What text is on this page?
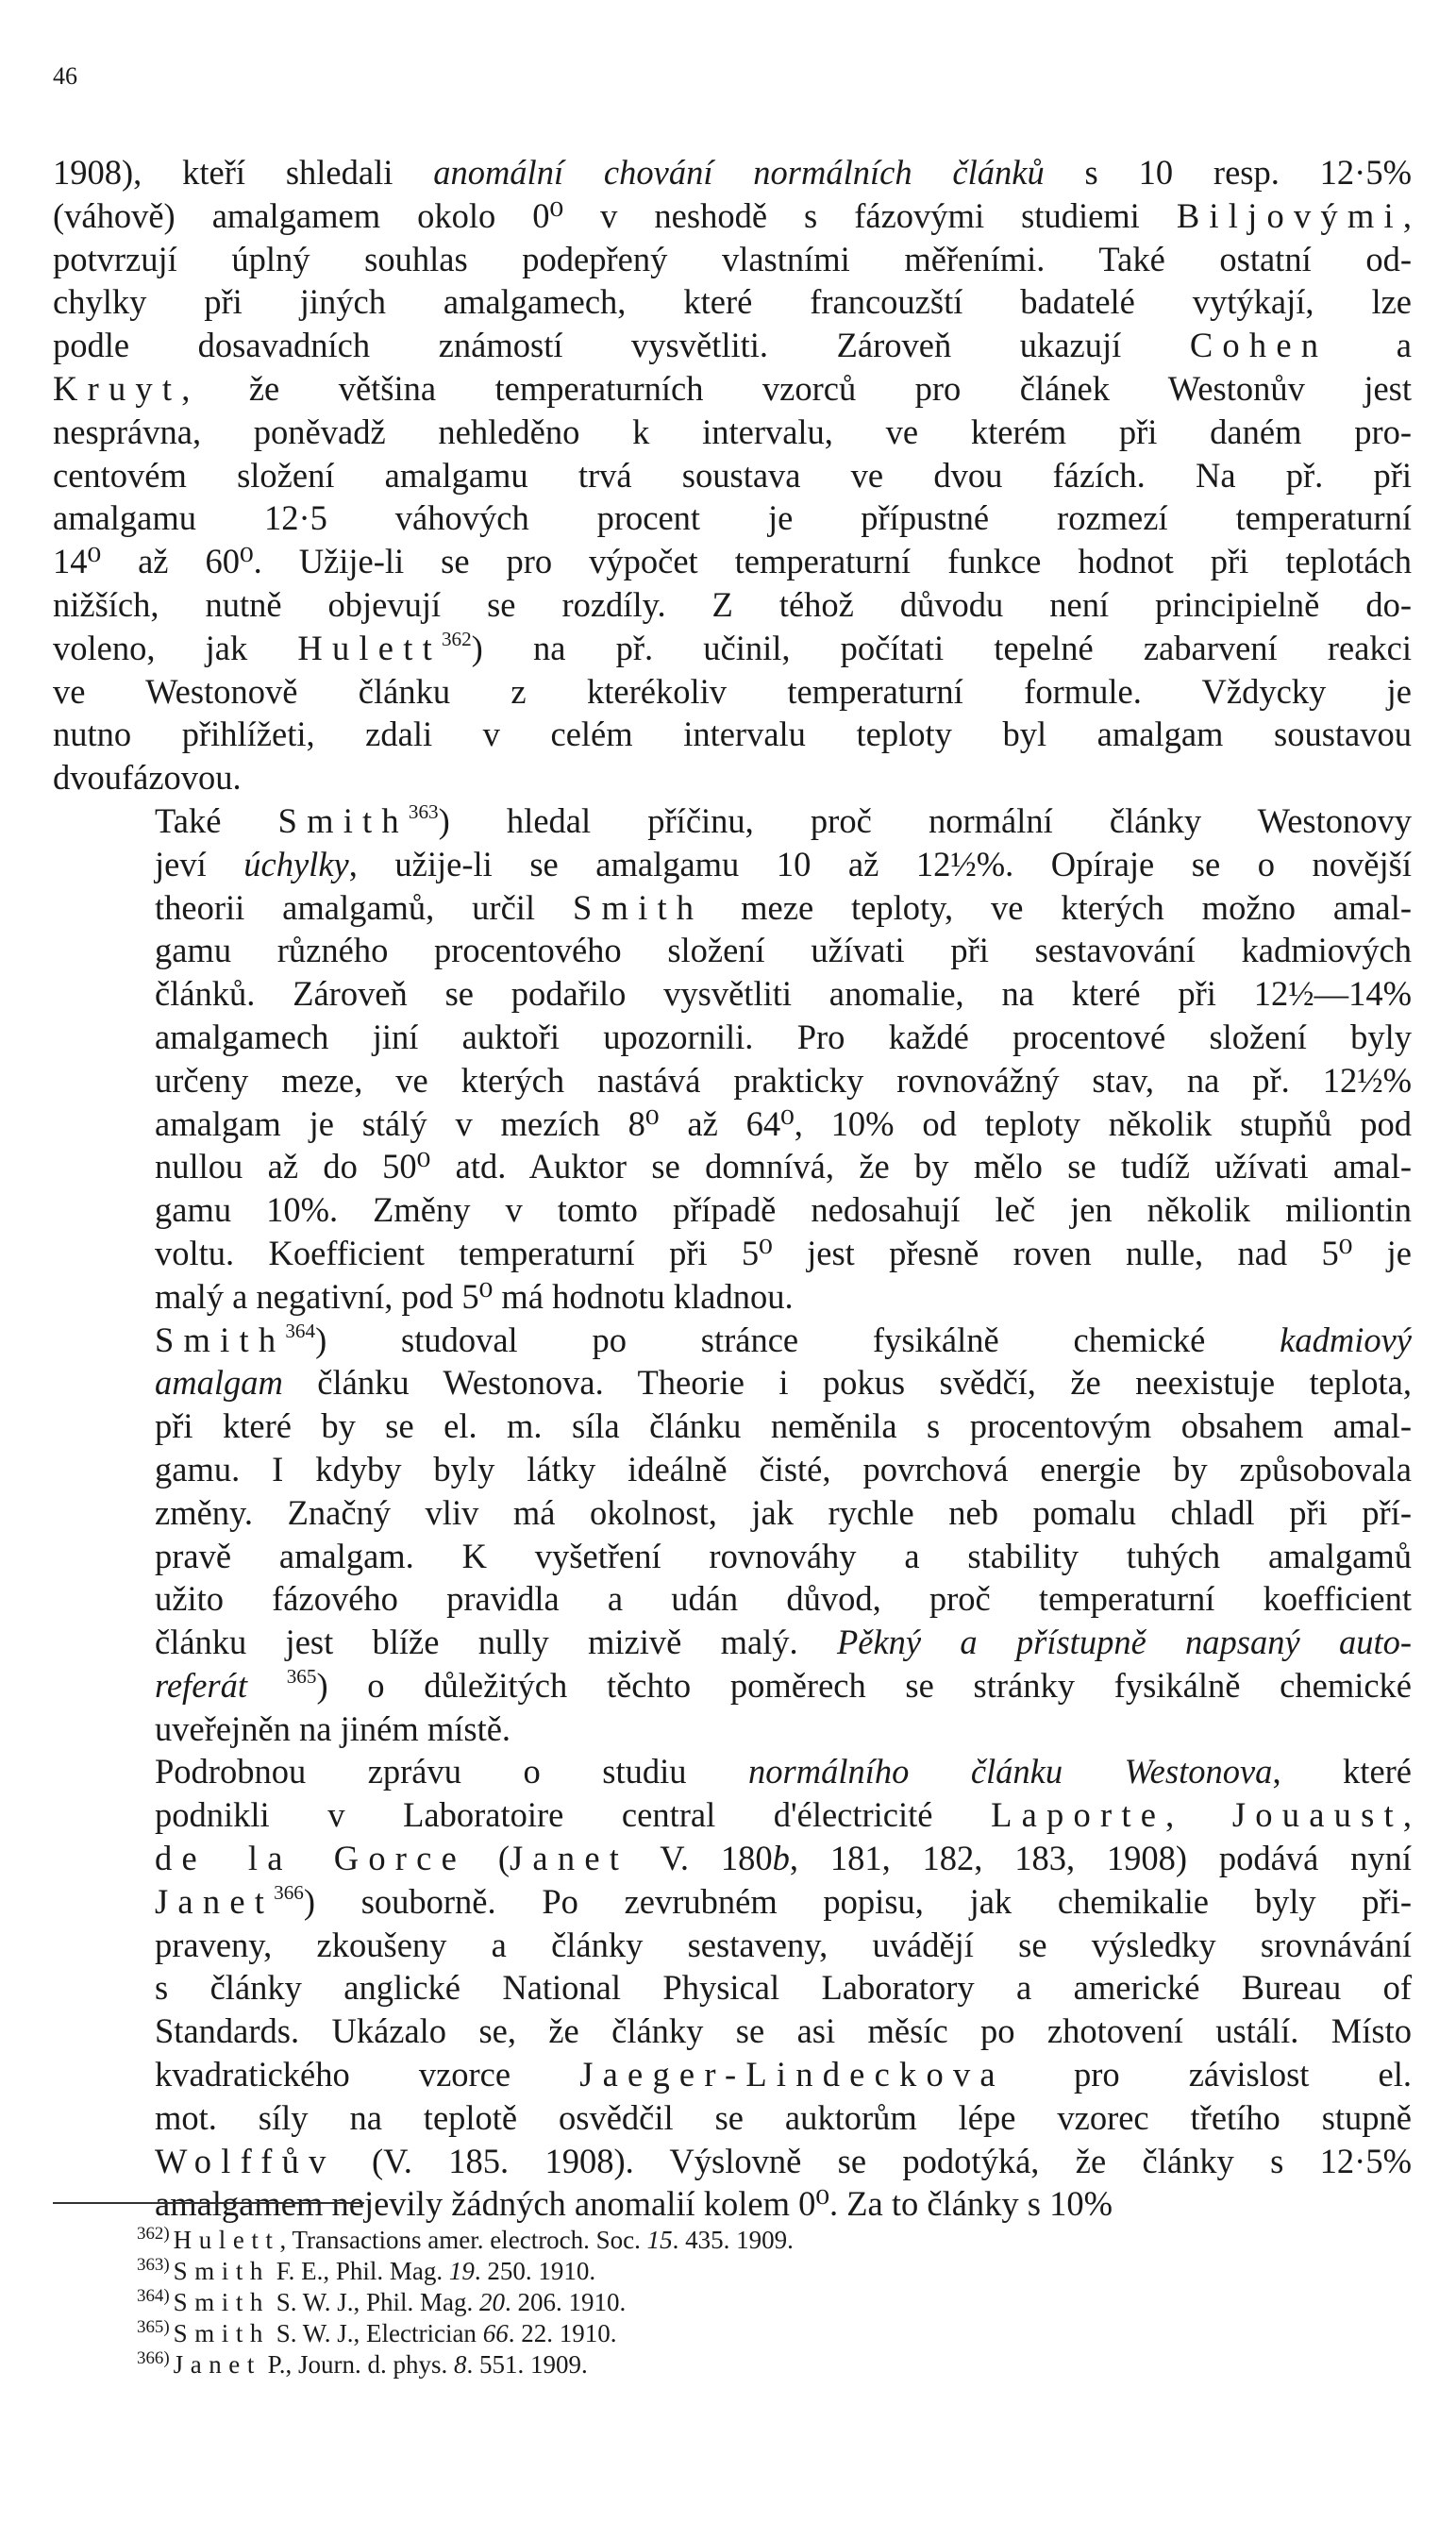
46

1908), kteří shledali anomální chování normálních článků s 10 resp. 12·5%
(váhově) amalgamem okolo 0⁰ v neshodě s fázovými studiemi Biljovými,
potvrzují úplný souhlas podepřený vlastními měřeními. Také ostatní od-
chylky při jiných amalgamech, které francouzští badatelé vytýkají, lze
podle dosavadních známostí vysvětliti. Zároveň ukazují Cohen a
Kruyt, že většina temperaturních vzorců pro článek Westonův jest
nesprávna, poněvadž nehleděno k intervalu, ve kterém při daném pro-
centovém složení amalgamu trvá soustava ve dvou fázích. Na př. při
amalgamu 12·5 váhových procent je přípustné rozmezí temperaturní
14⁰ až 60⁰. Užije-li se pro výpočet temperaturní funkce hodnot při teplotách
nižších, nutně objevují se rozdíly. Z téhož důvodu není principielně do-
voleno, jak Hulett$^{362}$) na př. učinil, počítati tepelné zabarvení reakci
ve Westonově článku z kterékoliv temperaturní formule. Vždycky je
nutno přihlížeti, zdali v celém intervalu teploty byl amalgam soustavou
dvoufázovou.

Také Smith$^{363}$) hledal příčinu, proč normální články Westonovy
jeví úchylky, užije-li se amalgamu 10 až 12½%. Opíraje se o novější
theorii amalgamů, určil Smith meze teploty, ve kterých možno amal-
gamu různého procentového složení užívati při sestavování kadmiových
článků. Zároveň se podařilo vysvětliti anomalie, na které při 12½—14%
amalgamech jiní auktoři upozornili. Pro každé procentové složení byly
určeny meze, ve kterých nastává prakticky rovnovážný stav, na př. 12½%
amalgam je stálý v mezích 8⁰ až 64⁰, 10% od teploty několik stupňů pod
nullou až do 50⁰ atd. Auktor se domnívá, že by mělo se tudíž užívati amal-
gamu 10%. Změny v tomto případě nedosahují leč jen několik miliontin
voltu. Koefficient temperaturní při 5⁰ jest přesně roven nulle, nad 5⁰ je
malý a negativní, pod 5⁰ má hodnotu kladnou.

Smith$^{364}$) studoval po stránce fysikálně chemické kadmiový
amalgam článku Westonova. Theorie i pokus svědčí, že neexistuje teplota,
při které by se el. m. síla článku neměnila s procentovým obsahem amal-
gamu. I kdyby byly látky ideálně čisté, povrchová energie by způsobovala
změny. Značný vliv má okolnost, jak rychle neb pomalu chladl při pří-
pravě amalgam. K vyšetření rovnováhy a stability tuhých amalgamů
užito fázového pravidla a udán důvod, proč temperaturní koefficient
článku jest blíže nully mizivě malý. Pěkný a přístupně napsaný auto-
referát $^{365}$) o důležitých těchto poměrech se stránky fysikálně chemické
uveřejněn na jiném místě.

Podrobnou zprávu o studiu normálního článku Westonova, které
podnikli v Laboratoire central d'électricité Laporte, Jouaust,
de la Gorce (Janet V. 180b, 181, 182, 183, 1908) podává nyní
Janet$^{366}$) souborně. Po zevrubném popisu, jak chemikalie byly při-
praveny, zkoušeny a články sestaveny, uvádějí se výsledky srovnávání
s články anglické National Physical Laboratory a americké Bureau of
Standards. Ukázalo se, že články se asi měsíc po zhotovení ustálí. Místo
kvadratického vzorce Jaeger-Lindeckova pro závislost el.
mot. síly na teplotě osvědčil se auktorům lépe vzorec třetího stupně
Wolffův (V. 185. 1908). Výslovně se podotýká, že články s 12·5%
amalgamem nejevily žádných anomalií kolem 0⁰. Za to články s 10%

$^{362)}$ Hulett, Transactions amer. electroch. Soc. 15. 435. 1909.
$^{363)}$ Smith F. E., Phil. Mag. 19. 250. 1910.
$^{364)}$ Smith S. W. J., Phil. Mag. 20. 206. 1910.
$^{365)}$ Smith S. W. J., Electrician 66. 22. 1910.
$^{366)}$ Janet P., Journ. d. phys. 8. 551. 1909.
